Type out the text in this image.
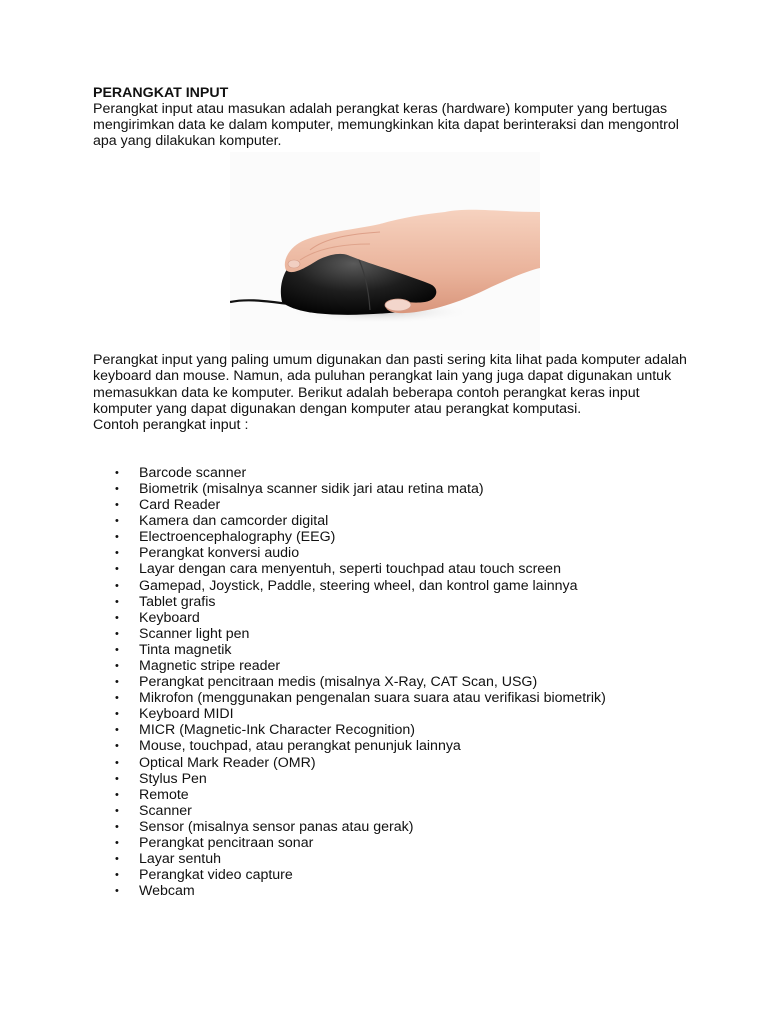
PERANGKAT INPUT

Perangkat input atau masukan adalah perangkat keras (hardware) komputer yang bertugas mengirimkan data ke dalam komputer, memungkinkan kita dapat berinteraksi dan mengontrol apa yang dilakukan komputer.

Perangkat input yang paling umum digunakan dan pasti sering kita lihat pada komputer adalah keyboard dan mouse. Namun, ada puluhan perangkat lain yang juga dapat digunakan untuk memasukkan data ke komputer. Berikut adalah beberapa contoh perangkat keras input komputer yang dapat digunakan dengan komputer atau perangkat komputasi.

Contoh perangkat input :

• Barcode scanner
• Biometrik (misalnya scanner sidik jari atau retina mata)
• Card Reader
• Kamera dan camcorder digital
• Electroencephalography (EEG)
• Perangkat konversi audio
• Layar dengan cara menyentuh, seperti touchpad atau touch screen
• Gamepad, Joystick, Paddle, steering wheel, dan kontrol game lainnya
• Tablet grafis
• Keyboard
• Scanner light pen
• Tinta magnetik
• Magnetic stripe reader
• Perangkat pencitraan medis (misalnya X-Ray, CAT Scan, USG)
• Mikrofon (menggunakan pengenalan suara suara atau verifikasi biometrik)
• Keyboard MIDI
• MICR (Magnetic-Ink Character Recognition)
• Mouse, touchpad, atau perangkat penunjuk lainnya
• Optical Mark Reader (OMR)
• Stylus Pen
• Remote
• Scanner
• Sensor (misalnya sensor panas atau gerak)
• Perangkat pencitraan sonar
• Layar sentuh
• Perangkat video capture
• Webcam
